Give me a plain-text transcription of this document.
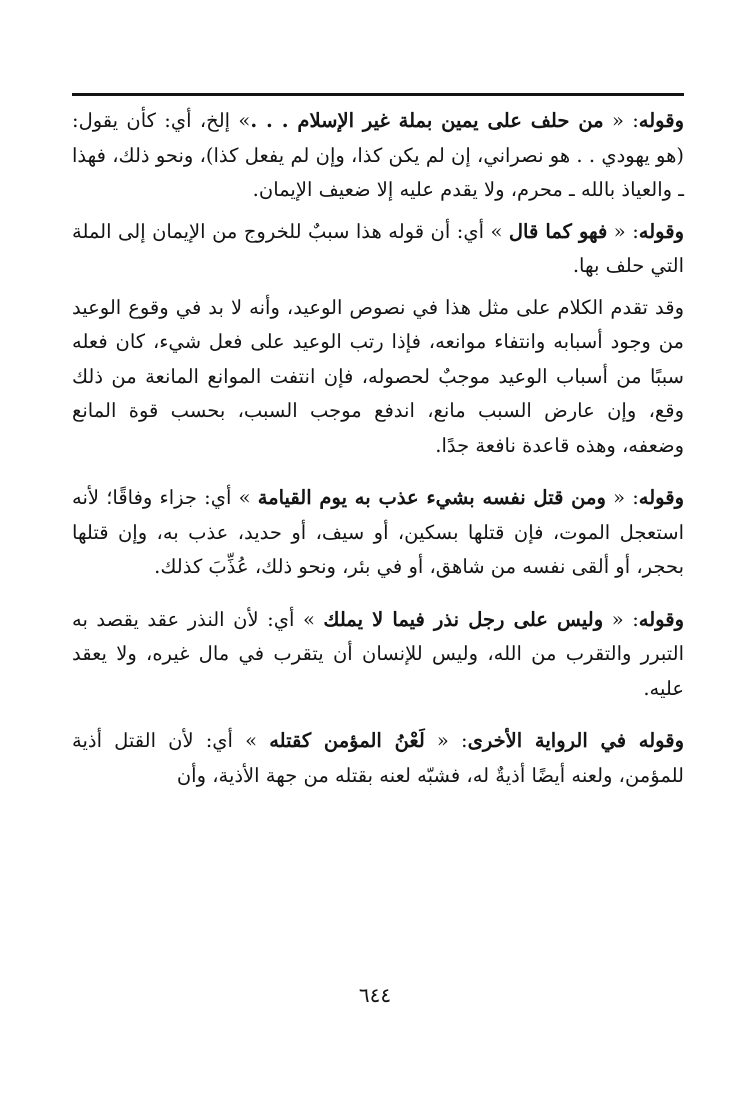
وقوله: « من حلف على يمين بملة غير الإسلام . . .» إلخ، أي: كأن يقول: (هو يهودي . . هو نصراني، إن لم يكن كذا، وإن لم يفعل كذا)، ونحو ذلك، فهذا ـ والعياذ بالله ـ محرم، ولا يقدم عليه إلا ضعيف الإيمان.

وقوله: « فهو كما قال » أي: أن قوله هذا سببٌ للخروج من الإيمان إلى الملة التي حلف بها.

وقد تقدم الكلام على مثل هذا في نصوص الوعيد، وأنه لا بد في وقوع الوعيد من وجود أسبابه وانتفاء موانعه، فإذا رتب الوعيد على فعل شيء، كان فعله سببًا من أسباب الوعيد موجبٌ لحصوله، فإن انتفت الموانع المانعة من ذلك وقع، وإن عارض السبب مانع، اندفع موجب السبب، بحسب قوة المانع وضعفه، وهذه قاعدة نافعة جدًا.

وقوله: « ومن قتل نفسه بشيء عذب به يوم القيامة » أي: جزاء وفاقًا؛ لأنه استعجل الموت، فإن قتلها بسكين، أو سيف، أو حديد، عذب به، وإن قتلها بحجر، أو ألقى نفسه من شاهق، أو في بئر، ونحو ذلك، عُذِّبَ كذلك.

وقوله: « وليس على رجل نذر فيما لا يملك » أي: لأن النذر عقد يقصد به التبرر والتقرب من الله، وليس للإنسان أن يتقرب في مال غيره، ولا يعقد عليه.

وقوله في الرواية الأخرى: « لَعْنُ المؤمن كقتله » أي: لأن القتل أذية للمؤمن، ولعنه أيضًا أذيةٌ له، فشبّه لعنه بقتله من جهة الأذية، وأن

٦٤٤
